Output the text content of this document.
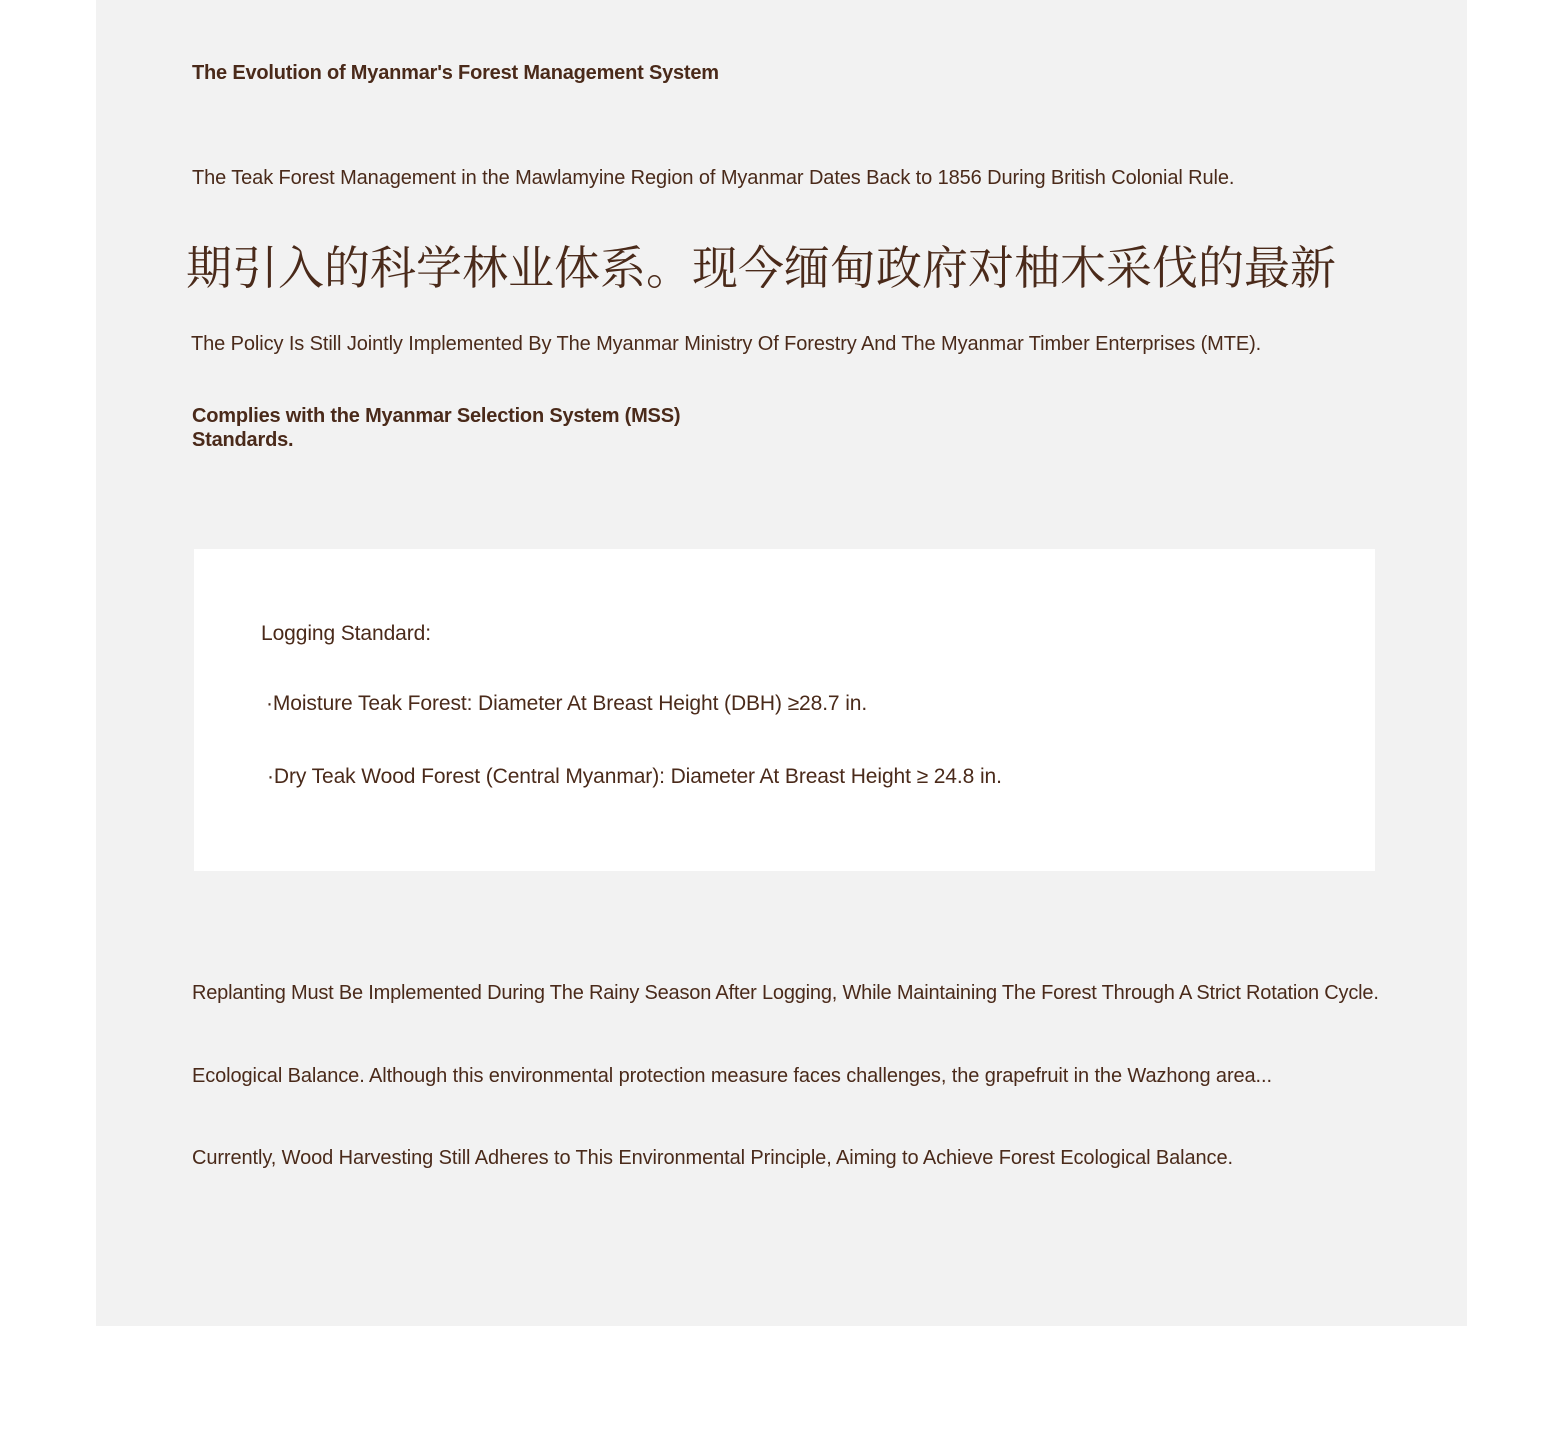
The Evolution of Myanmar's Forest Management System

The Teak Forest Management in the Mawlamyine Region of Myanmar Dates Back to 1856 During British Colonial Rule.

期引入的科学林业体系。现今缅甸政府对柚木采伐的最新

The Policy Is Still Jointly Implemented By The Myanmar Ministry Of Forestry And The Myanmar Timber Enterprises (MTE).

Complies with the Myanmar Selection System (MSS) Standards.

Logging Standard:

·Moisture Teak Forest: Diameter At Breast Height (DBH) ≥28.7 in.

·Dry Teak Wood Forest (Central Myanmar): Diameter At Breast Height ≥ 24.8 in.

Replanting Must Be Implemented During The Rainy Season After Logging, While Maintaining The Forest Through A Strict Rotation Cycle.

Ecological Balance. Although this environmental protection measure faces challenges, the grapefruit in the Wazhong area...

Currently, Wood Harvesting Still Adheres to This Environmental Principle, Aiming to Achieve Forest Ecological Balance.
